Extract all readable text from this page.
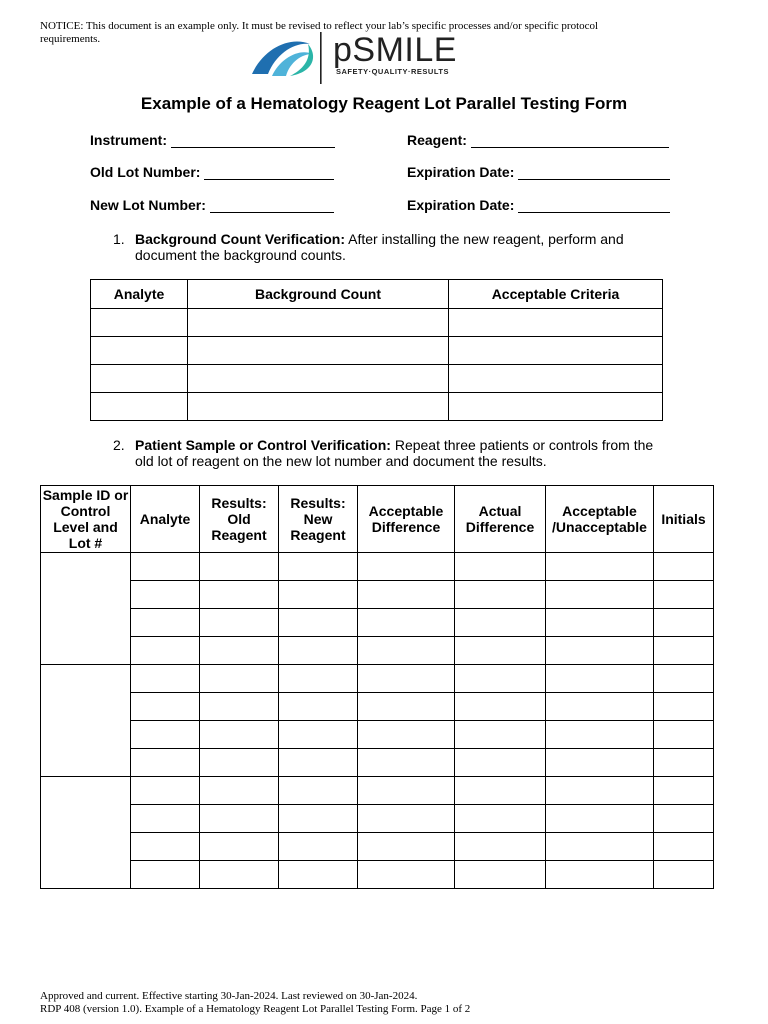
NOTICE: This document is an example only. It must be revised to reflect your lab’s specific processes and/or specific protocol requirements.	pSMILE
SAFETY·QUALITY·RESULTS
Example of a Hematology Reagent Lot Parallel Testing Form
Instrument:	Reagent:
Old Lot Number:	Expiration Date:
New Lot Number:	Expiration Date:
1. Background Count Verification: After installing the new reagent, perform and document the background counts.
Analyte	Background Count	Acceptable Criteria

2. Patient Sample or Control Verification: Repeat three patients or controls from the old lot of reagent on the new lot number and document the results.
Sample ID or Control Level and Lot #	Analyte	Results: Old Reagent	Results: New Reagent	Acceptable Difference	Actual Difference	Acceptable /Unacceptable	Initials

Approved and current. Effective starting 30-Jan-2024. Last reviewed on 30-Jan-2024.
RDP 408 (version 1.0). Example of a Hematology Reagent Lot Parallel Testing Form. Page 1 of 2
